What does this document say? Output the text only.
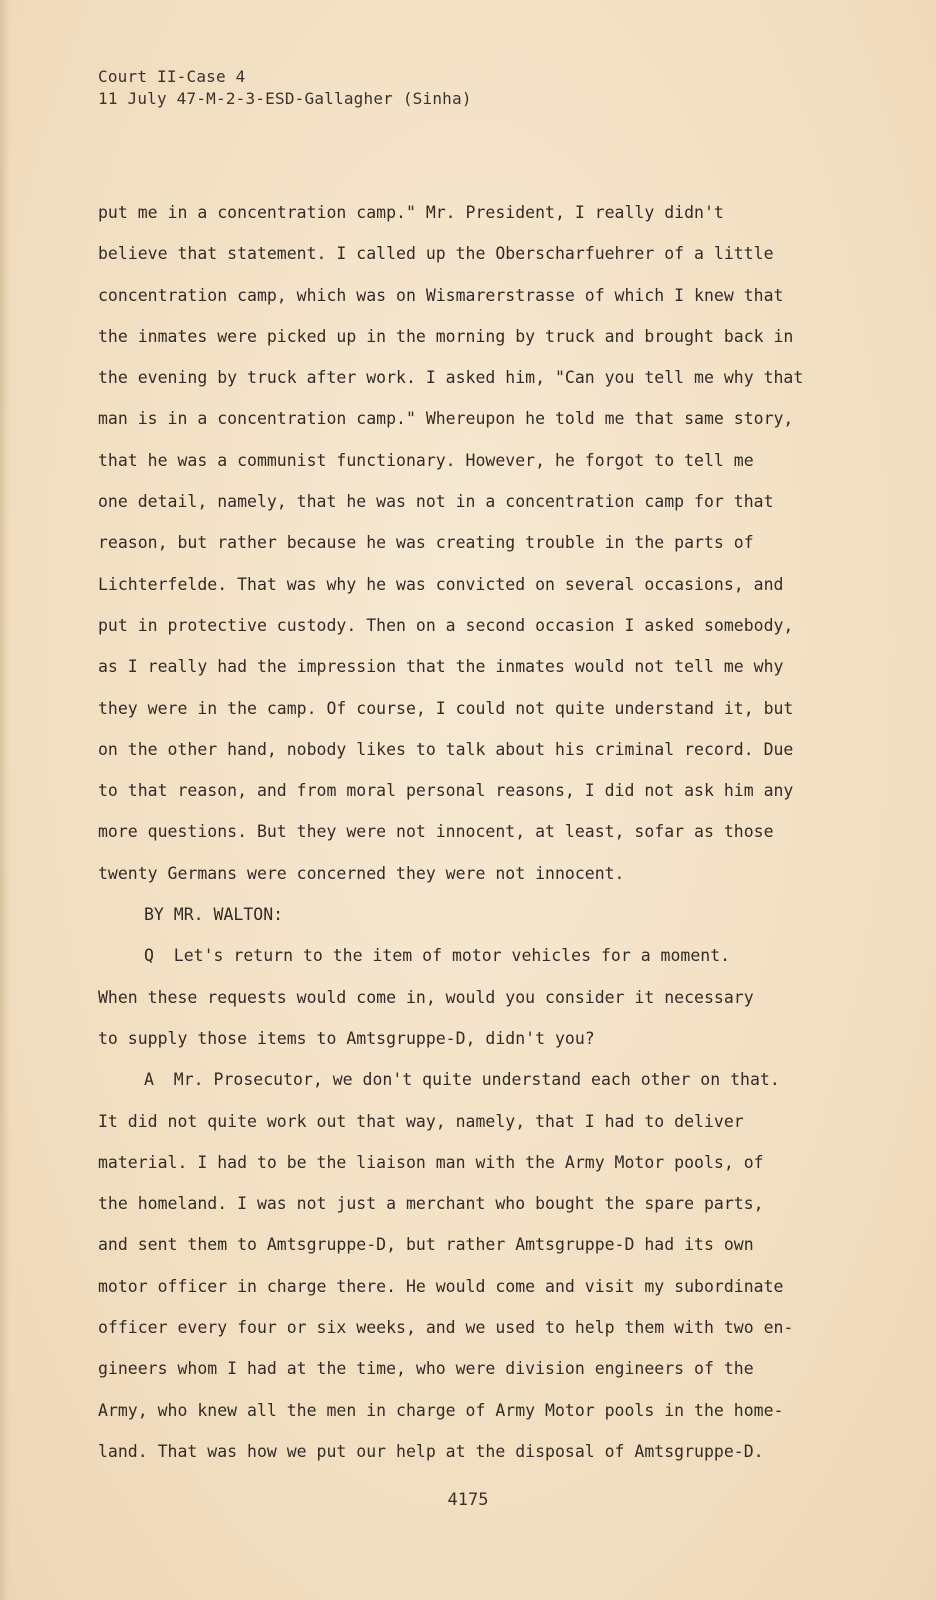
Court II-Case 4
11 July 47-M-2-3-ESD-Gallagher (Sinha)
put me in a concentration camp." Mr. President, I really didn't
believe that statement. I called up the Oberscharfuehrer of a little
concentration camp, which was on Wismarerstrasse of which I knew that
the inmates were picked up in the morning by truck and brought back in
the evening by truck after work. I asked him, "Can you tell me why that
man is in a concentration camp." Whereupon he told me that same story,
that he was a communist functionary. However, he forgot to tell me
one detail, namely, that he was not in a concentration camp for that
reason, but rather because he was creating trouble in the parts of
Lichterfelde. That was why he was convicted on several occasions, and
put in protective custody. Then on a second occasion I asked somebody,
as I really had the impression that the inmates would not tell me why
they were in the camp. Of course, I could not quite understand it, but
on the other hand, nobody likes to talk about his criminal record. Due
to that reason, and from moral personal reasons, I did not ask him any
more questions. But they were not innocent, at least, sofar as those
twenty Germans were concerned they were not innocent.
BY MR. WALTON:
Q  Let's return to the item of motor vehicles for a moment.
When these requests would come in, would you consider it necessary
to supply those items to Amtsgruppe-D, didn't you?
A  Mr. Prosecutor, we don't quite understand each other on that.
It did not quite work out that way, namely, that I had to deliver
material. I had to be the liaison man with the Army Motor pools, of
the homeland. I was not just a merchant who bought the spare parts,
and sent them to Amtsgruppe-D, but rather Amtsgruppe-D had its own
motor officer in charge there. He would come and visit my subordinate
officer every four or six weeks, and we used to help them with two en-
gineers whom I had at the time, who were division engineers of the
Army, who knew all the men in charge of Army Motor pools in the home-
land. That was how we put our help at the disposal of Amtsgruppe-D.
4175
